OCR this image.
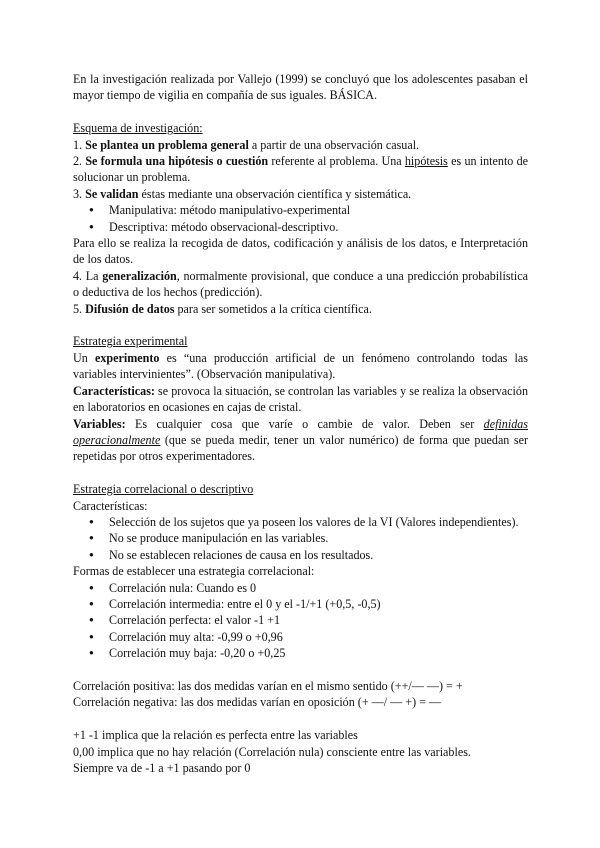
En la investigación realizada por Vallejo (1999) se concluyó que los adolescentes pasaban el mayor tiempo de vigilia en compañía de sus iguales. BÁSICA.

Esquema de investigación:

1. Se plantea un problema general a partir de una observación casual.

2. Se formula una hipótesis o cuestión referente al problema. Una hipótesis es un intento de solucionar un problema.

3. Se validan éstas mediante una observación científica y sistemática.

● Manipulativa: método manipulativo-experimental
● Descriptiva: método observacional-descriptivo.

Para ello se realiza la recogida de datos, codificación y análisis de los datos, e Interpretación de los datos.

4. La generalización, normalmente provisional, que conduce a una predicción probabilística o deductiva de los hechos (predicción).

5. Difusión de datos para ser sometidos a la crítica científica.

Estrategia experimental

Un experimento es “una producción artificial de un fenómeno controlando todas las variables intervinientes”. (Observación manipulativa).

Características: se provoca la situación, se controlan las variables y se realiza la observación en laboratorios en ocasiones en cajas de cristal.

Variables: Es cualquier cosa que varíe o cambie de valor. Deben ser definidas operacionalmente (que se pueda medir, tener un valor numérico) de forma que puedan ser repetidas por otros experimentadores.

Estrategia correlacional o descriptivo

Características:

● Selección de los sujetos que ya poseen los valores de la VI (Valores independientes).
● No se produce manipulación en las variables.
● No se establecen relaciones de causa en los resultados.

Formas de establecer una estrategia correlacional:

● Correlación nula: Cuando es 0
● Correlación intermedia: entre el 0 y el -1/+1 (+0,5, -0,5)
● Correlación perfecta: el valor -1 +1
● Correlación muy alta: -0,99 o +0,96
● Correlación muy baja: -0,20 o +0,25

Correlación positiva: las dos medidas varían en el mismo sentido (++/— —) = +

Correlación negativa: las dos medidas varían en oposición (+ —/ — +) = —

+1 -1 implica que la relación es perfecta entre las variables

0,00 implica que no hay relación (Correlación nula) consciente entre las variables.

Siempre va de -1 a +1 pasando por 0
